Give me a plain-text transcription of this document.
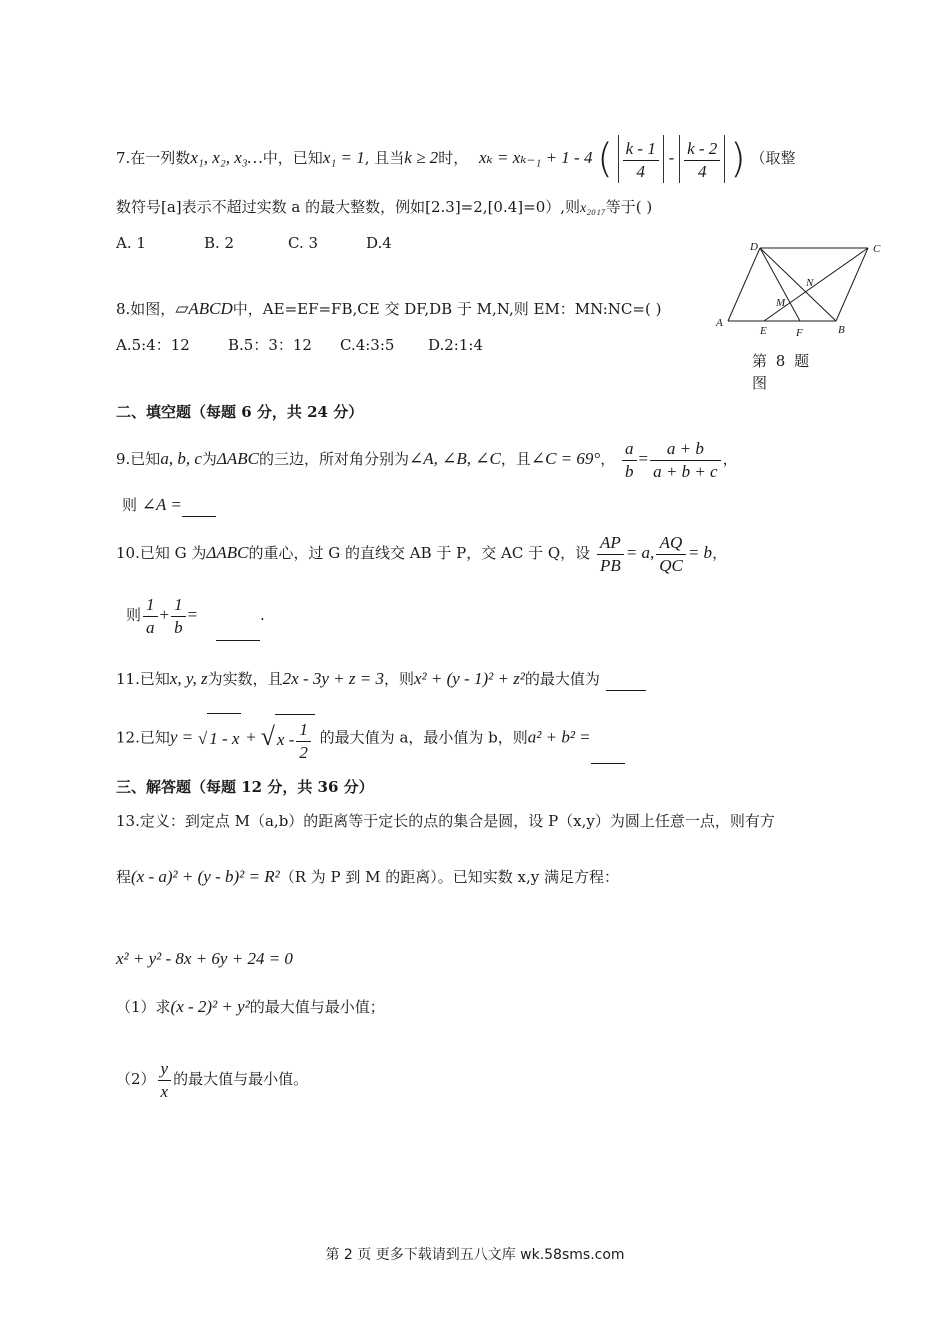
7.在一列数x₁, x₂, x₃…中，已知x₁ = 1, 且当k ≥ 2时， xₖ = xₖ₋₁ + 1 - 4 ( $\frac{k - 1}{4} - \frac{k - 2}{4}$ ) （取整
数符号[a]表示不超过实数 a 的最大整数，例如[2.3]=2,[0.4]=0）,则x₂₀₁₇等于( )
A. 1	B. 2	C. 3	D.4
8.如图，▱ABCD中，AE=EF=FB,CE 交 DF,DB 于 M,N,则 EM：MN:NC=( )
A.5:4：12	B.5：3：12 C.4:3:5 D.2:1:4
D	C
A
B
E	F
M
N
第 8 题
图
二、填空题（每题 6 分，共 24 分）
9.已知a, b, c为ΔABC的三边，所对角分别为∠A, ∠B, ∠C，且∠C = 69°， $\frac{a}{b} = \frac{a + b}{a + b + c}$ ，
则 ∠A =
10.已知 G 为ΔABC的重心，过 G 的直线交 AB 于 P，交 AC 于 Q，设 $\frac{AP}{PB} = a$, $\frac{AQ}{QC} = b$，
则 $\frac{1}{a} + \frac{1}{b}$ =	.
11.已知x, y, z为实数，且2x - 3y + z = 3，则x² + (y - 1)² + z²的最大值为
12.已知y = √ 1 - x + √ x - $\frac{1}{2}$ 的最大值为 a，最小值为 b，则a² + b² =
三、解答题（每题 12 分，共 36 分）
13.定义：到定点 M（a,b）的距离等于定长的点的集合是圆，设 P（x,y）为圆上任意一点，则有方
程(x - a)² + (y - b)² = R²（R 为 P 到 M 的距离）。已知实数 x,y 满足方程：
x² + y² - 8x + 6y + 24 = 0
（1）求(x - 2)² + y²的最大值与最小值；
$(2) \frac{y}{x}$ 的最大值与最小值。
第 2 页 更多下载请到五八文库 wk.58sms.com
